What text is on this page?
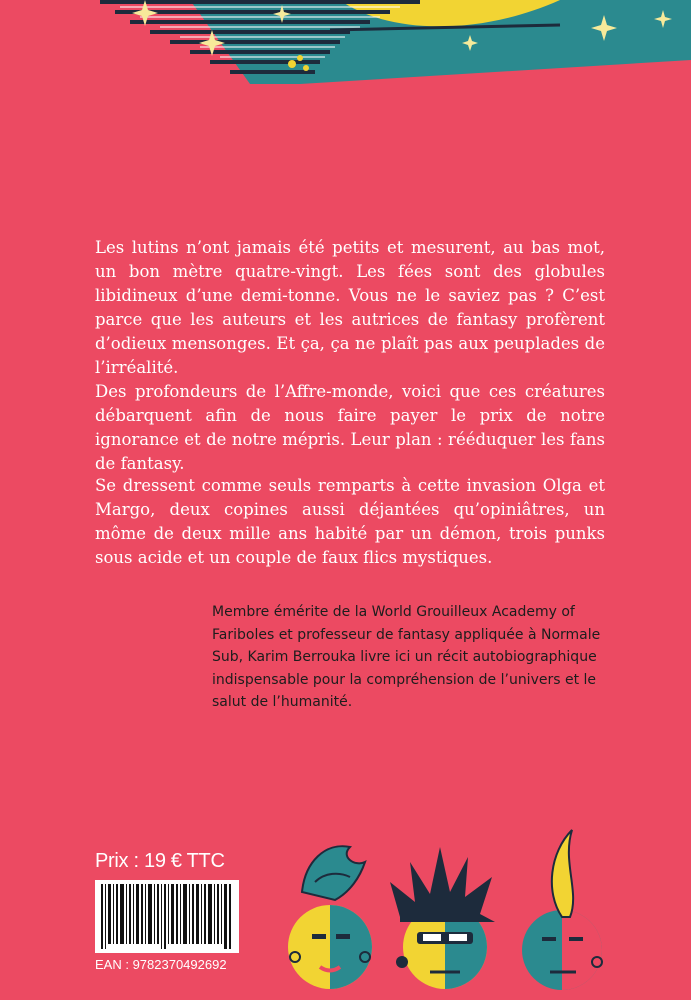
Les lutins n’ont jamais été petits et mesurent, au bas mot, un bon mètre quatre-vingt. Les fées sont des globules libidineux d’une demi-tonne. Vous ne le saviez pas ? C’est parce que les auteurs et les autrices de fantasy profèrent d’odieux mensonges. Et ça, ça ne plaît pas aux peuplades de l’irréalité.

Des profondeurs de l’Affre-monde, voici que ces créatures débarquent afin de nous faire payer le prix de notre ignorance et de notre mépris. Leur plan : rééduquer les fans de fantasy.

Se dressent comme seuls remparts à cette invasion Olga et Margo, deux copines aussi déjantées qu’opiniâtres, un môme de deux mille ans habité par un démon, trois punks sous acide et un couple de faux flics mystiques.

Membre émérite de la World Grouilleux Academy of Fariboles et professeur de fantasy appliquée à Normale Sub, Karim Berrouka livre ici un récit autobiographique indispensable pour la compréhension de l’univers et le salut de l’humanité.

Prix : 19 € TTC
EAN : 9782370492692
